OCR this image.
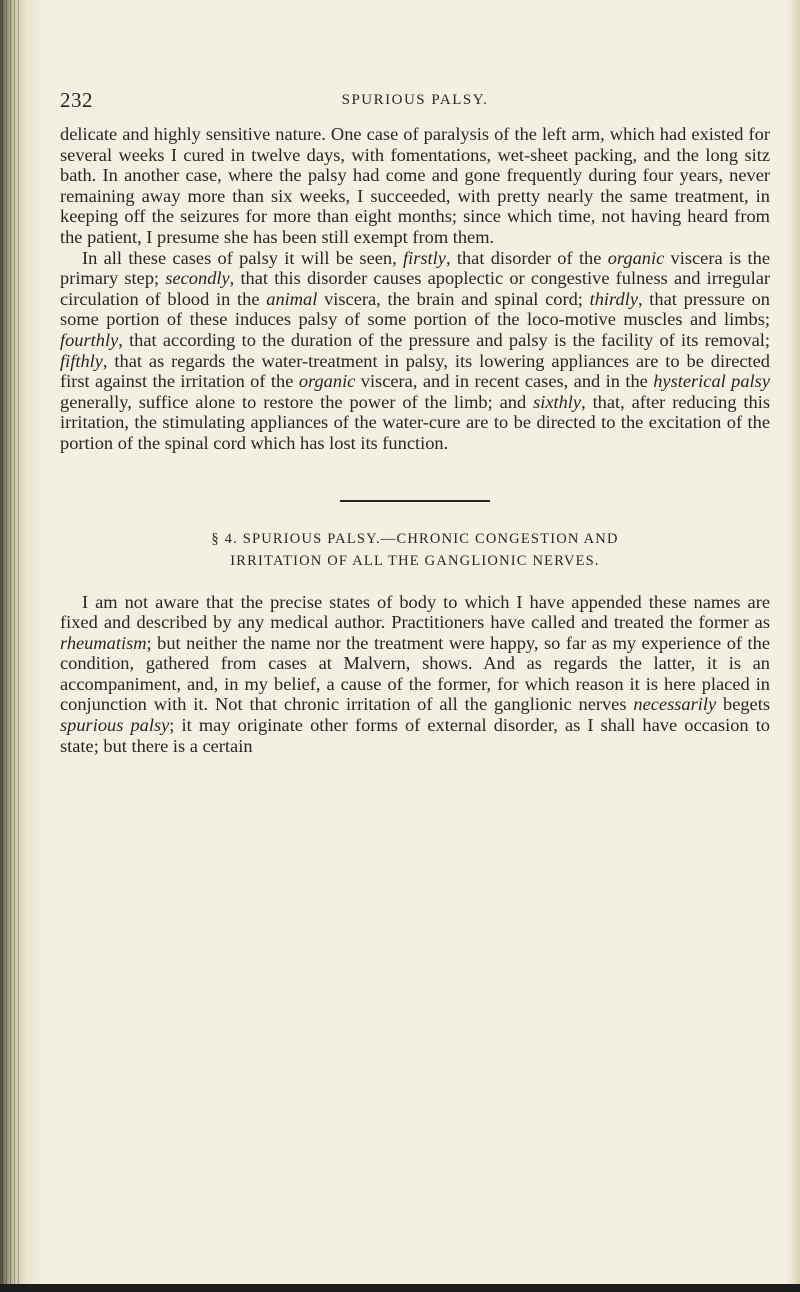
232	SPURIOUS PALSY.

delicate and highly sensitive nature. One case of paralysis of the left arm, which had existed for several weeks I cured in twelve days, with fomentations, wet-sheet packing, and the long sitz bath. In another case, where the palsy had come and gone frequently during four years, never remaining away more than six weeks, I succeeded, with pretty nearly the same treatment, in keeping off the seizures for more than eight months; since which time, not having heard from the patient, I presume she has been still exempt from them.

In all these cases of palsy it will be seen, firstly, that disorder of the organic viscera is the primary step; secondly, that this disorder causes apoplectic or congestive fulness and irregular circulation of blood in the animal viscera, the brain and spinal cord; thirdly, that pressure on some portion of these induces palsy of some portion of the loco-motive muscles and limbs; fourthly, that according to the duration of the pressure and palsy is the facility of its removal; fifthly, that as regards the water-treatment in palsy, its lowering appliances are to be directed first against the irritation of the organic viscera, and in recent cases, and in the hysterical palsy generally, suffice alone to restore the power of the limb; and sixthly, that, after reducing this irritation, the stimulating appliances of the water-cure are to be directed to the excitation of the portion of the spinal cord which has lost its function.

§ 4. SPURIOUS PALSY.—CHRONIC CONGESTION AND
IRRITATION OF ALL THE GANGLIONIC NERVES.

I am not aware that the precise states of body to which I have appended these names are fixed and described by any medical author. Practitioners have called and treated the former as rheumatism; but neither the name nor the treatment were happy, so far as my experience of the condition, gathered from cases at Malvern, shows. And as regards the latter, it is an accompaniment, and, in my belief, a cause of the former, for which reason it is here placed in conjunction with it. Not that chronic irritation of all the ganglionic nerves necessarily begets spurious palsy; it may originate other forms of external disorder, as I shall have occasion to state; but there is a certain
